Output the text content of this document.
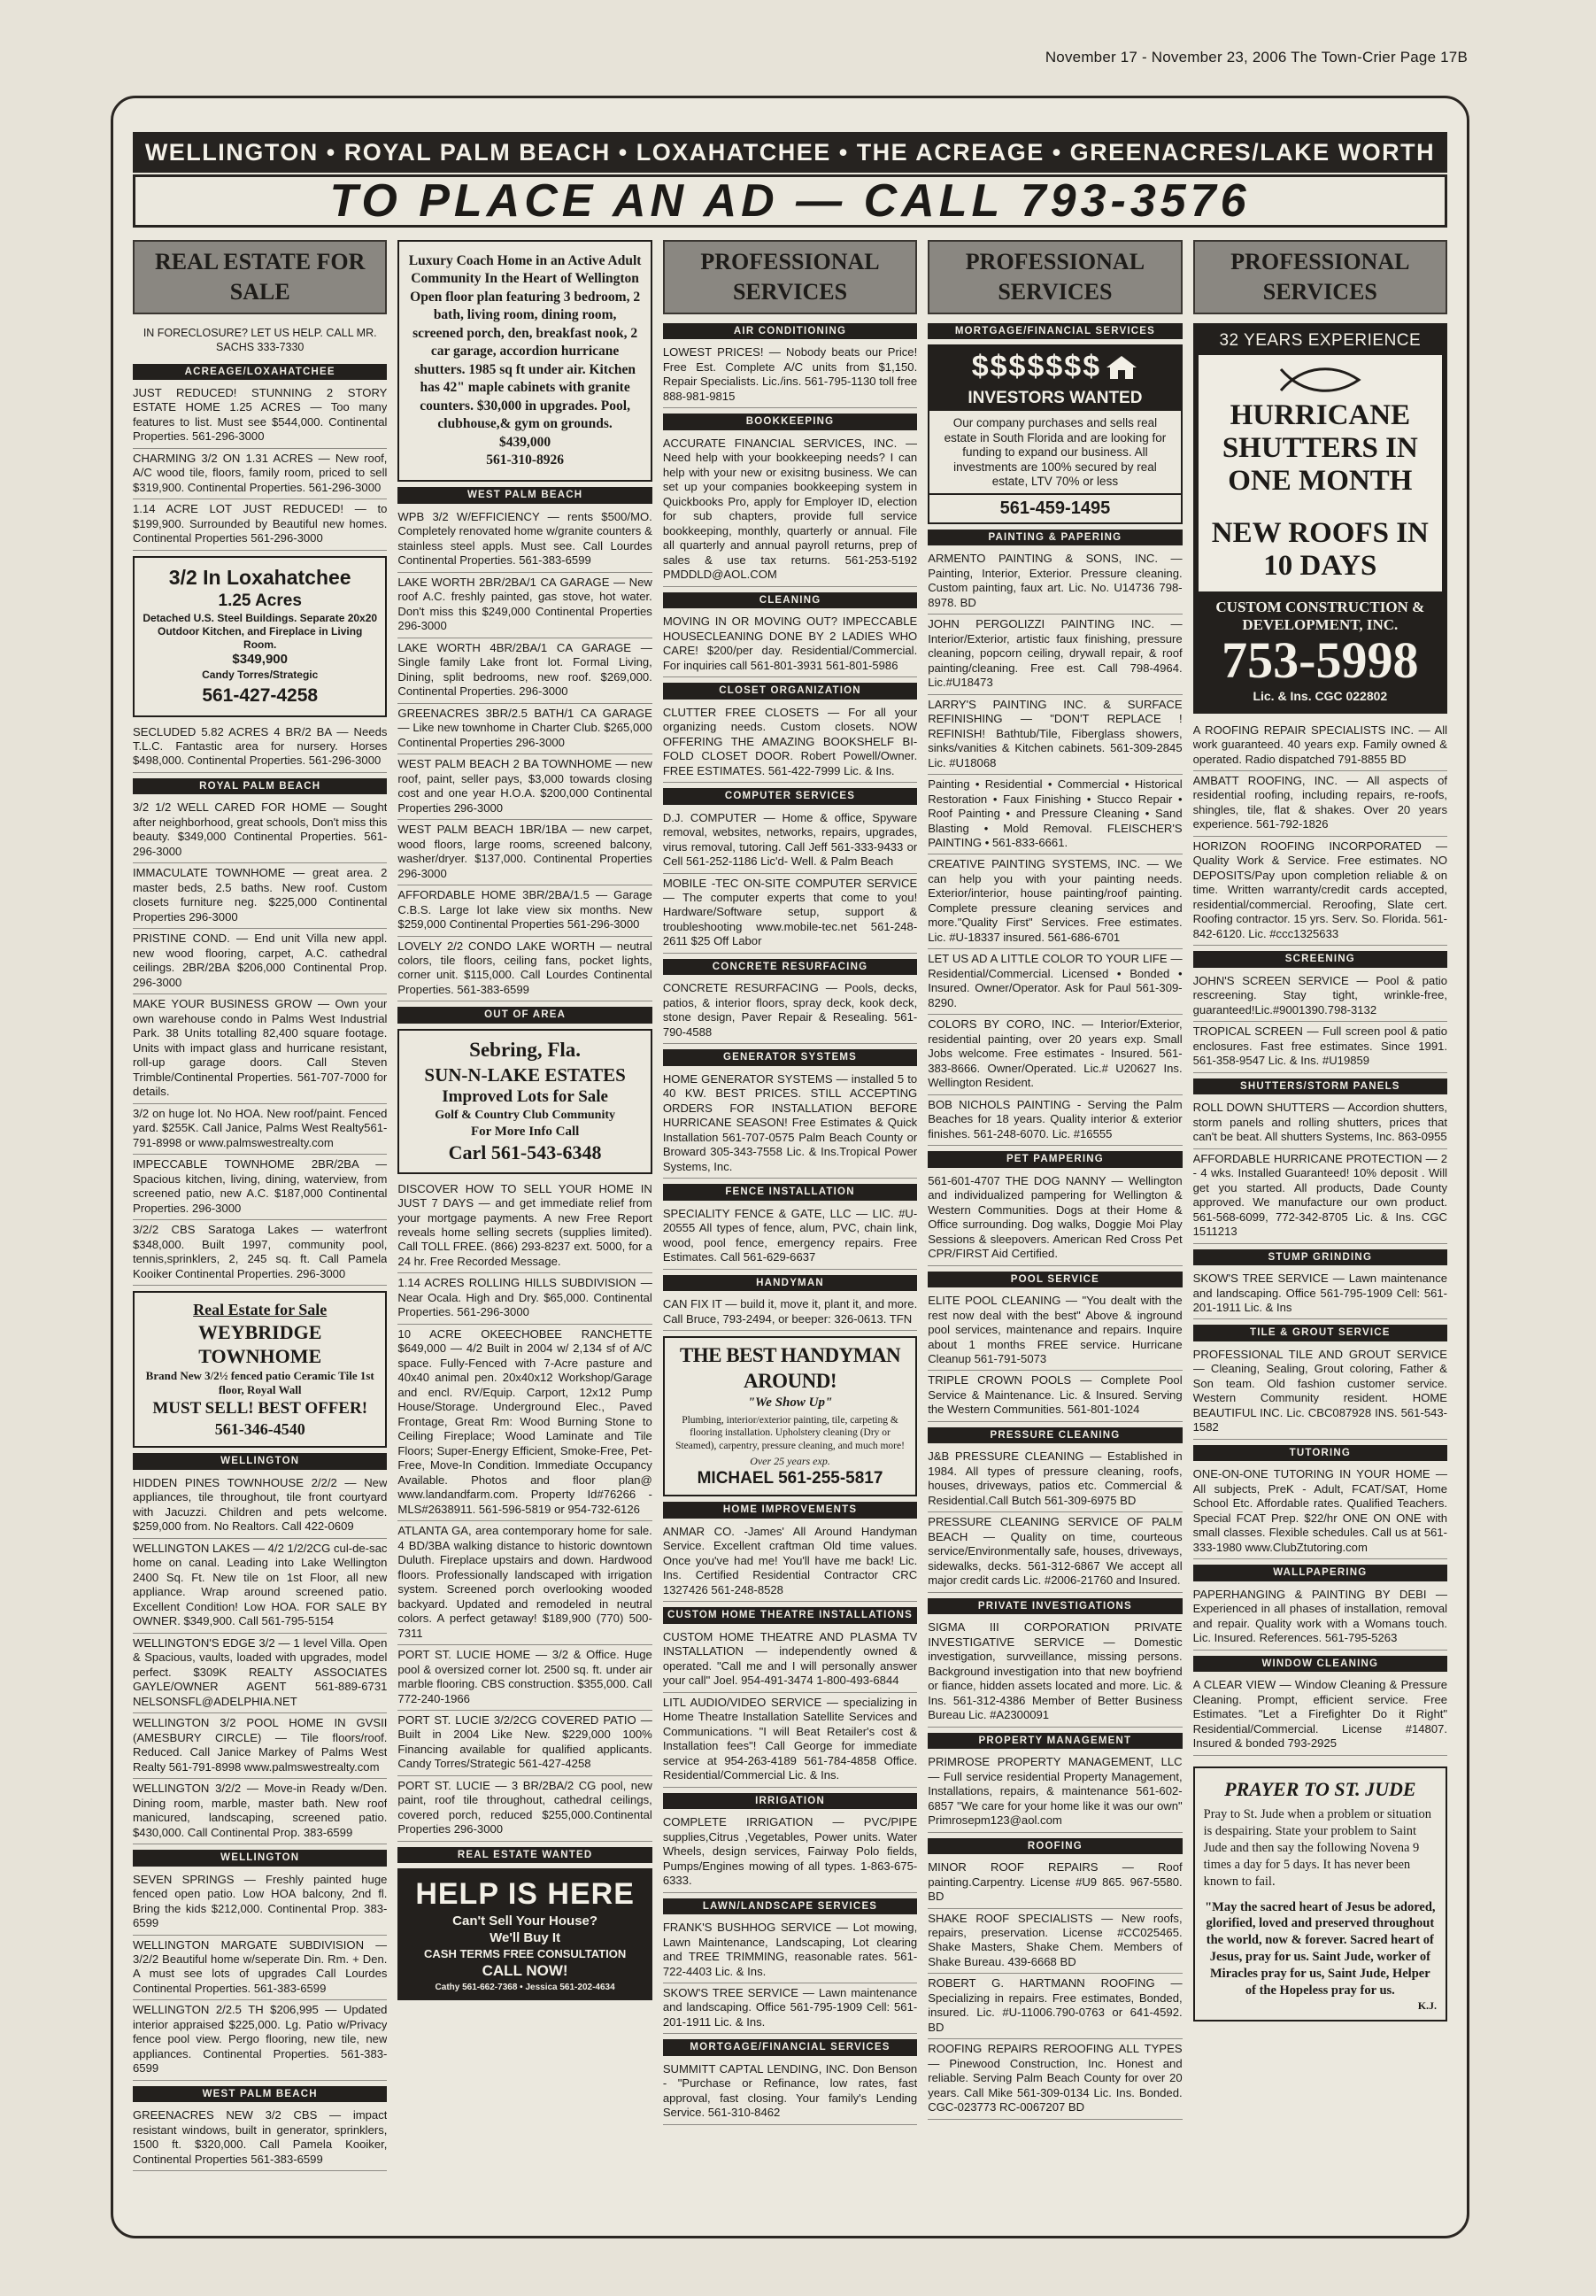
November 17 - November 23, 2006 The Town-Crier Page 17B
WELLINGTON • ROYAL PALM BEACH • LOXAHATCHEE • THE ACREAGE • GREENACRES/LAKE WORTH
TO PLACE AN AD — CALL 793-3576
REAL ESTATE FOR SALE
IN FORECLOSURE? LET US HELP. CALL MR. SACHS 333-7330
ACREAGE/LOXAHATCHEE
JUST REDUCED! STUNNING 2 STORY ESTATE HOME 1.25 ACRES — Too many features to list. Must see $544,000. Continental Properties. 561-296-3000
CHARMING 3/2 ON 1.31 ACRES — New roof, A/C wood tile, floors, family room, priced to sell $319,900. Continental Properties. 561-296-3000
1.14 ACRE LOT JUST REDUCED! — to $199,900. Surrounded by Beautiful new homes. Continental Properties 561-296-3000
3/2 In Loxahatchee
1.25 Acres
Detached U.S. Steel Buildings. Separate 20x20 Outdoor Kitchen, and Fireplace in Living Room.
$349,900
Candy Torres/Strategic
561-427-4258
SECLUDED 5.82 ACRES 4 BR/2 BA — Needs T.L.C. Fantastic area for nursery. Horses $498,000. Continental Properties. 561-296-3000
ROYAL PALM BEACH
3/2 1/2 WELL CARED FOR HOME — Sought after neighborhood, great schools, Don't miss this beauty. $349,000 Continental Properties. 561-296-3000
IMMACULATE TOWNHOME — great area. 2 master beds, 2.5 baths. New roof. Custom closets furniture neg. $225,000 Continental Properties 296-3000
PRISTINE COND. — End unit Villa new appl. new wood flooring, carpet, A.C. cathedral ceilings. 2BR/2BA $206,000 Continental Prop. 296-3000
MAKE YOUR BUSINESS GROW — Own your own warehouse condo in Palms West Industrial Park. 38 Units totalling 82,400 square footage. Units with impact glass and hurricane resistant, roll-up garage doors. Call Steven Trimble/Continental Properties. 561-707-7000 for details.
3/2 on huge lot. No HOA. New roof/paint. Fenced yard. $255K. Call Janice, Palms West Realty561-791-8998 or www.palmswestrealty.com
IMPECCABLE TOWNHOME 2BR/2BA — Spacious kitchen, living, dining, waterview, from screened patio, new A.C. $187,000 Continental Properties. 296-3000
3/2/2 CBS Saratoga Lakes — waterfront $348,000. Built 1997, community pool, tennis,sprinklers, 2, 245 sq. ft. Call Pamela Kooiker Continental Properties. 296-3000
Real Estate for Sale
WEYBRIDGE TOWNHOME
Brand New 3/2½ fenced patio Ceramic Tile 1st floor, Royal Wall
MUST SELL! BEST OFFER!
561-346-4540
WELLINGTON
HIDDEN PINES TOWNHOUSE 2/2/2 — New appliances, tile throughout, tile front courtyard with Jacuzzi. Children and pets welcome. $259,000 from. No Realtors. Call 422-0609
WELLINGTON LAKES — 4/2 1/2/2CG cul-de-sac home on canal. Leading into Lake Wellington 2400 Sq. Ft. New tile on 1st Floor, all new appliance. Wrap around screened patio. Excellent Condition! Low HOA. FOR SALE BY OWNER. $349,900. Call 561-795-5154
WELLINGTON'S EDGE 3/2 — 1 level Villa. Open & Spacious, vaults, loaded with upgrades, model perfect. $309K REALTY ASSOCIATES GAYLE/OWNER AGENT 561-889-6731 NELSONSFL@ADELPHIA.NET
WELLINGTON 3/2 POOL HOME IN GVSII (AMESBURY CIRCLE) — Tile floors/roof. Reduced. Call Janice Markey of Palms West Realty 561-791-8998 www.palmswestrealty.com
WELLINGTON 3/2/2 — Move-in Ready w/Den. Dining room, marble, master bath. New roof manicured, landscaping, screened patio. $430,000. Call Continental Prop. 383-6599
WELLINGTON
SEVEN SPRINGS — Freshly painted huge fenced open patio. Low HOA balcony, 2nd fl. Bring the kids $212,000. Continental Prop. 383-6599
WELLINGTON MARGATE SUBDIVISION — 3/2/2 Beautiful home w/seperate Din. Rm. + Den. A must see lots of upgrades Call Lourdes Continental Properties. 561-383-6599
WELLINGTON 2/2.5 TH $206,995 — Updated interior appraised $225,000. Lg. Patio w/Privacy fence pool view. Pergo flooring, new tile, new appliances. Continental Properties. 561-383-6599
WEST PALM BEACH
GREENACRES NEW 3/2 CBS — impact resistant windows, built in generator, sprinklers, 1500 ft. $320,000. Call Pamela Kooiker, Continental Properties 561-383-6599
Luxury Coach Home in an Active Adult Community In the Heart of Wellington
Open floor plan featuring 3 bedroom, 2 bath, living room, dining room, screened porch, den, breakfast nook, 2 car garage, accordion hurricane shutters. 1985 sq ft under air. Kitchen has 42" maple cabinets with granite counters. $30,000 in upgrades. Pool, clubhouse,& gym on grounds.
$439,000
561-310-8926
WEST PALM BEACH
WPB 3/2 W/EFFICIENCY — rents $500/MO. Completely renovated home w/granite counters & stainless steel appls. Must see. Call Lourdes Continental Properties. 561-383-6599
LAKE WORTH 2BR/2BA/1 CA GARAGE — New roof A.C. freshly painted, gas stove, hot water. Don't miss this $249,000 Continental Properties 296-3000
LAKE WORTH 4BR/2BA/1 CA GARAGE — Single family Lake front lot. Formal Living, Dining, split bedrooms, new roof. $269,000. Continental Properties. 296-3000
GREENACRES 3BR/2.5 BATH/1 CA GARAGE — Like new townhome in Charter Club. $265,000 Continental Properties 296-3000
WEST PALM BEACH 2 BA TOWNHOME — new roof, paint, seller pays, $3,000 towards closing cost and one year H.O.A. $200,000 Continental Properties 296-3000
WEST PALM BEACH 1BR/1BA — new carpet, wood floors, large rooms, screened balcony, washer/dryer. $137,000. Continental Properties 296-3000
AFFORDABLE HOME 3BR/2BA/1.5 — Garage C.B.S. Large lot lake view six months. New $259,000 Continental Properties 561-296-3000
LOVELY 2/2 CONDO LAKE WORTH — neutral colors, tile floors, ceiling fans, pocket lights, corner unit. $115,000. Call Lourdes Continental Properties. 561-383-6599
OUT OF AREA
Sebring, Fla.
SUN-N-LAKE ESTATES
Improved Lots for Sale
Golf & Country Club Community
For More Info Call
Carl 561-543-6348
DISCOVER HOW TO SELL YOUR HOME IN JUST 7 DAYS — and get immediate relief from your mortgage payments. A new Free Report reveals home selling secrets (supplies limited). Call TOLL FREE. (866) 293-8237 ext. 5000, for a 24 hr. Free Recorded Message.
1.14 ACRES ROLLING HILLS SUBDIVISION — Near Ocala. High and Dry. $65,000. Continental Properties. 561-296-3000
10 ACRE OKEECHOBEE RANCHETTE $649,000 — 4/2 Built in 2004 w/ 2,134 sf of A/C space. Fully-Fenced with 7-Acre pasture and 40x40 animal pen. 20x40x12 Workshop/Garage and encl. RV/Equip. Carport, 12x12 Pump House/Storage. Underground Elec., Paved Frontage, Great Rm: Wood Burning Stone to Ceiling Fireplace; Wood Laminate and Tile Floors; Super-Energy Efficient, Smoke-Free, Pet-Free, Move-In Condition. Immediate Occupancy Available. Photos and floor plan@ www.landandfarm.com. Property Id#76266 - MLS#2638911. 561-596-5819 or 954-732-6126
ATLANTA GA, area contemporary home for sale. 4 BD/3BA walking distance to historic downtown Duluth. Fireplace upstairs and down. Hardwood floors. Professionally landscaped with irrigation system. Screened porch overlooking wooded backyard. Updated and remodeled in neutral colors. A perfect getaway! $189,900 (770) 500-7311
PORT ST. LUCIE HOME — 3/2 & Office. Huge pool & oversized corner lot. 2500 sq. ft. under air marble flooring. CBS construction. $355,000. Call 772-240-1966
PORT ST. LUCIE 3/2/2CG COVERED PATIO — Built in 2004 Like New. $229,000 100% Financing available for qualified applicants. Candy Torres/Strategic 561-427-4258
PORT ST. LUCIE — 3 BR/2BA/2 CG pool, new paint, roof tile throughout, cathedral ceilings, covered porch, reduced $255,000.Continental Properties 296-3000
REAL ESTATE WANTED
HELP IS HERE
Can't Sell Your House?
We'll Buy It
CASH TERMS FREE CONSULTATION
CALL NOW!
Cathy 561-662-7368 • Jessica 561-202-4634
PROFESSIONAL SERVICES
AIR CONDITIONING
LOWEST PRICES! — Nobody beats our Price! Free Est. Complete A/C units from $1,150. Repair Specialists. Lic./ins. 561-795-1130 toll free 888-981-9815
BOOKKEEPING
ACCURATE FINANCIAL SERVICES, INC. — Need help with your bookkeeping needs? I can help with your new or exisitng business. We can set up your companies bookkeeping system in Quickbooks Pro, apply for Employer ID, election for sub chapters, provide full service bookkeeping, monthly, quarterly or annual. File all quarterly and annual payroll returns, prep of sales & use tax returns. 561-253-5192 PMDDLD@AOL.COM
CLEANING
MOVING IN OR MOVING OUT? IMPECCABLE HOUSECLEANING DONE BY 2 LADIES WHO CARE! $200/per day. Residential/Commercial. For inquiries call 561-801-3931 561-801-5986
CLOSET ORGANIZATION
CLUTTER FREE CLOSETS — For all your organizing needs. Custom closets. NOW OFFERING THE AMAZING BOOKSHELF BI-FOLD CLOSET DOOR. Robert Powell/Owner. FREE ESTIMATES. 561-422-7999 Lic. & Ins.
COMPUTER SERVICES
D.J. COMPUTER — Home & office, Spyware removal, websites, networks, repairs, upgrades, virus removal, tutoring. Call Jeff 561-333-9433 or Cell 561-252-1186 Lic'd- Well. & Palm Beach
MOBILE -TEC ON-SITE COMPUTER SERVICE — The computer experts that come to you! Hardware/Software setup, support & troubleshooting www.mobile-tec.net 561-248-2611 $25 Off Labor
CONCRETE RESURFACING
CONCRETE RESURFACING — Pools, decks, patios, & interior floors, spray deck, kook deck, stone design, Paver Repair & Resealing. 561-790-4588
GENERATOR SYSTEMS
HOME GENERATOR SYSTEMS — installed 5 to 40 KW. BEST PRICES. STILL ACCEPTING ORDERS FOR INSTALLATION BEFORE HURRICANE SEASON! Free Estimates & Quick Installation 561-707-0575 Palm Beach County or Broward 305-343-7558 Lic. & Ins.Tropical Power Systems, Inc.
FENCE INSTALLATION
SPECIALITY FENCE & GATE, LLC — LIC. #U-20555 All types of fence, alum, PVC, chain link, wood, pool fence, emergency repairs. Free Estimates. Call 561-629-6637
HANDYMAN
CAN FIX IT — build it, move it, plant it, and more. Call Bruce, 793-2494, or beeper: 326-0613. TFN
THE BEST HANDYMAN AROUND!
"We Show Up"
Plumbing, interior/exterior painting, tile, carpeting & flooring installation. Upholstery cleaning (Dry or Steamed), carpentry, pressure cleaning, and much more!
Over 25 years exp.
MICHAEL 561-255-5817
HOME IMPROVEMENTS
ANMAR CO. -James' All Around Handyman Service. Excellent craftman Old time values. Once you've had me! You'll have me back! Lic. Ins. Certified Residential Contractor CRC 1327426 561-248-8528
CUSTOM HOME THEATRE INSTALLATIONS
CUSTOM HOME THEATRE AND PLASMA TV INSTALLATION — independently owned & operated. "Call me and I will personally answer your call" Joel. 954-491-3474 1-800-493-6844
LITL AUDIO/VIDEO SERVICE — specializing in Home Theatre Installation Satellite Services and Communications. "I will Beat Retailer's cost & Installation fees"! Call George for immediate service at 954-263-4189 561-784-4858 Office. Residential/Commercial Lic. & Ins.
IRRIGATION
COMPLETE IRRIGATION — PVC/PIPE supplies,Citrus ,Vegetables, Power units. Water Wheels, design services, Fairway Polo fields, Pumps/Engines mowing of all types. 1-863-675-6333.
LAWN/LANDSCAPE SERVICES
FRANK'S BUSHHOG SERVICE — Lot mowing, Lawn Maintenance, Landscaping, Lot clearing and TREE TRIMMING, reasonable rates. 561-722-4403 Lic. & Ins.
SKOW'S TREE SERVICE — Lawn maintenance and landscaping. Office 561-795-1909 Cell: 561-201-1911 Lic. & Ins.
MORTGAGE/FINANCIAL SERVICES
SUMMITT CAPTAL LENDING, INC. Don Benson - "Purchase or Refinance, low rates, fast approval, fast closing. Your family's Lending Service. 561-310-8462
PROFESSIONAL SERVICES
MORTGAGE/FINANCIAL SERVICES
$$$$$$$
INVESTORS WANTED
Our company purchases and sells real estate in South Florida and are looking for funding to expand our business. All investments are 100% secured by real estate, LTV 70% or less
561-459-1495
PAINTING & PAPERING
ARMENTO PAINTING & SONS, INC. — Painting, Interior, Exterior. Pressure cleaning. Custom painting, faux art. Lic. No. U14736 798-8978. BD
JOHN PERGOLIZZI PAINTING INC. — Interior/Exterior, artistic faux finishing, pressure cleaning, popcorn ceiling, drywall repair, & roof painting/cleaning. Free est. Call 798-4964. Lic.#U18473
LARRY'S PAINTING INC. & SURFACE REFINISHING — "DON'T REPLACE ! REFINISH! Bathtub/Tile, Fiberglass showers, sinks/vanities & Kitchen cabinets. 561-309-2845 Lic. #U18068
Painting • Residential • Commercial • Historical Restoration • Faux Finishing • Stucco Repair • Roof Painting • and Pressure Cleaning • Sand Blasting • Mold Removal. FLEISCHER'S PAINTING • 561-833-6661.
CREATIVE PAINTING SYSTEMS, INC. — We can help you with your painting needs. Exterior/interior, house painting/roof painting. Complete pressure cleaning services and more."Quality First" Services. Free estimates. Lic. #U-18337 insured. 561-686-6701
LET US AD A LITTLE COLOR TO YOUR LIFE — Residential/Commercial. Licensed • Bonded • Insured. Owner/Operator. Ask for Paul 561-309-8290.
COLORS BY CORO, INC. — Interior/Exterior, residential painting, over 20 years exp. Small Jobs welcome. Free estimates - Insured. 561-383-8666. Owner/Operated. Lic.# U20627 Ins. Wellington Resident.
BOB NICHOLS PAINTING - Serving the Palm Beaches for 18 years. Quality interior & exterior finishes. 561-248-6070. Lic. #16555
PET PAMPERING
561-601-4707 THE DOG NANNY — Wellington and individualized pampering for Wellington & Western Communities. Dogs at their Home & Office surrounding. Dog walks, Doggie Moi Play Sessions & sleepovers. American Red Cross Pet CPR/FIRST Aid Certified.
POOL SERVICE
ELITE POOL CLEANING — "You dealt with the rest now deal with the best" Above & inground pool services, maintenance and repairs. Inquire about 1 months FREE service. Hurricane Cleanup 561-791-5073
TRIPLE CROWN POOLS — Complete Pool Service & Maintenance. Lic. & Insured. Serving the Western Communities. 561-801-1024
PRESSURE CLEANING
J&B PRESSURE CLEANING — Established in 1984. All types of pressure cleaning, roofs, houses, driveways, patios etc. Commercial & Residential.Call Butch 561-309-6975 BD
PRESSURE CLEANING SERVICE OF PALM BEACH — Quality on time, courteous service/Environmentally safe, houses, driveways, sidewalks, decks. 561-312-6867 We accept all major credit cards Lic. #2006-21760 and Insured.
PRIVATE INVESTIGATIONS
SIGMA III CORPORATION PRIVATE INVESTIGATIVE SERVICE — Domestic investigation, survveillance, missing persons. Background investigation into that new boyfriend or fiance, hidden assets located and more. Lic. & Ins. 561-312-4386 Member of Better Business Bureau Lic. #A2300091
PROPERTY MANAGEMENT
PRIMROSE PROPERTY MANAGEMENT, LLC — Full service residential Property Management, Installations, repairs, & maintenance 561-602-6857 "We care for your home like it was our own" Primrosepm123@aol.com
ROOFING
MINOR ROOF REPAIRS — Roof painting.Carpentry. License #U9 865. 967-5580. BD
SHAKE ROOF SPECIALISTS — New roofs, repairs, preservation. License #CC025465. Shake Masters, Shake Chem. Members of Shake Bureau. 439-6668 BD
ROBERT G. HARTMANN ROOFING — Specializing in repairs. Free estimates, Bonded, insured. Lic. #U-11006.790-0763 or 641-4592. BD
ROOFING REPAIRS REROOFING ALL TYPES — Pinewood Construction, Inc. Honest and reliable. Serving Palm Beach County for over 20 years. Call Mike 561-309-0134 Lic. Ins. Bonded. CGC-023773 RC-0067207 BD
PROFESSIONAL SERVICES
32 YEARS EXPERIENCE
HURRICANE SHUTTERS IN ONE MONTH
NEW ROOFS IN 10 DAYS
CUSTOM CONSTRUCTION & DEVELOPMENT, INC.
753-5998
Lic. & Ins. CGC 022802
A ROOFING REPAIR SPECIALISTS INC. — All work guaranteed. 40 years exp. Family owned & operated. Radio dispatched 791-8855 BD
AMBATT ROOFING, INC. — All aspects of residential roofing, including repairs, re-roofs, shingles, tile, flat & shakes. Over 20 years experience. 561-792-1826
HORIZON ROOFING INCORPORATED — Quality Work & Service. Free estimates. NO DEPOSITS/Pay upon completion reliable & on time. Written warranty/credit cards accepted, residential/commercial. Reroofing, Slate cert. Roofing contractor. 15 yrs. Serv. So. Florida. 561-842-6120. Lic. #ccc1325633
SCREENING
JOHN'S SCREEN SERVICE — Pool & patio rescreening. Stay tight, wrinkle-free, guaranteed!Lic.#9001390.798-3132
TROPICAL SCREEN — Full screen pool & patio enclosures. Fast free estimates. Since 1991. 561-358-9547 Lic. & Ins. #U19859
SHUTTERS/STORM PANELS
ROLL DOWN SHUTTERS — Accordion shutters, storm panels and rolling shutters, prices that can't be beat. All shutters Systems, Inc. 863-0955
AFFORDABLE HURRICANE PROTECTION — 2 - 4 wks. Installed Guaranteed! 10% deposit . Will get you started. All products, Dade County approved. We manufacture our own product. 561-568-6099, 772-342-8705 Lic. & Ins. CGC 1511213
STUMP GRINDING
SKOW'S TREE SERVICE — Lawn maintenance and landscaping. Office 561-795-1909 Cell: 561-201-1911 Lic. & Ins
TILE & GROUT SERVICE
PROFESSIONAL TILE AND GROUT SERVICE — Cleaning, Sealing, Grout coloring, Father & Son team. Old fashion customer service. Western Community resident. HOME BEAUTIFUL INC. Lic. CBC087928 INS. 561-543-1582
TUTORING
ONE-ON-ONE TUTORING IN YOUR HOME — All subjects, PreK - Adult, FCAT/SAT, Home School Etc. Affordable rates. Qualified Teachers. Special FCAT Prep. $22/hr ONE ON ONE with small classes. Flexible schedules. Call us at 561-333-1980 www.ClubZtutoring.com
WALLPAPERING
PAPERHANGING & PAINTING BY DEBI — Experienced in all phases of installation, removal and repair. Quality work with a Womans touch. Lic. Insured. References. 561-795-5263
WINDOW CLEANING
A CLEAR VIEW — Window Cleaning & Pressure Cleaning. Prompt, efficient service. Free Estimates. "Let a Firefighter Do it Right" Residential/Commercial. License #14807. Insured & bonded 793-2925
PRAYER TO ST. JUDE
Pray to St. Jude when a problem or situation is despairing. State your problem to Saint Jude and then say the following Novena 9 times a day for 5 days. It has never been known to fail.
"May the sacred heart of Jesus be adored, glorified, loved and preserved throughout the world, now & forever. Sacred heart of Jesus, pray for us. Saint Jude, worker of Miracles pray for us, Saint Jude, Helper of the Hopeless pray for us.
K.J.
